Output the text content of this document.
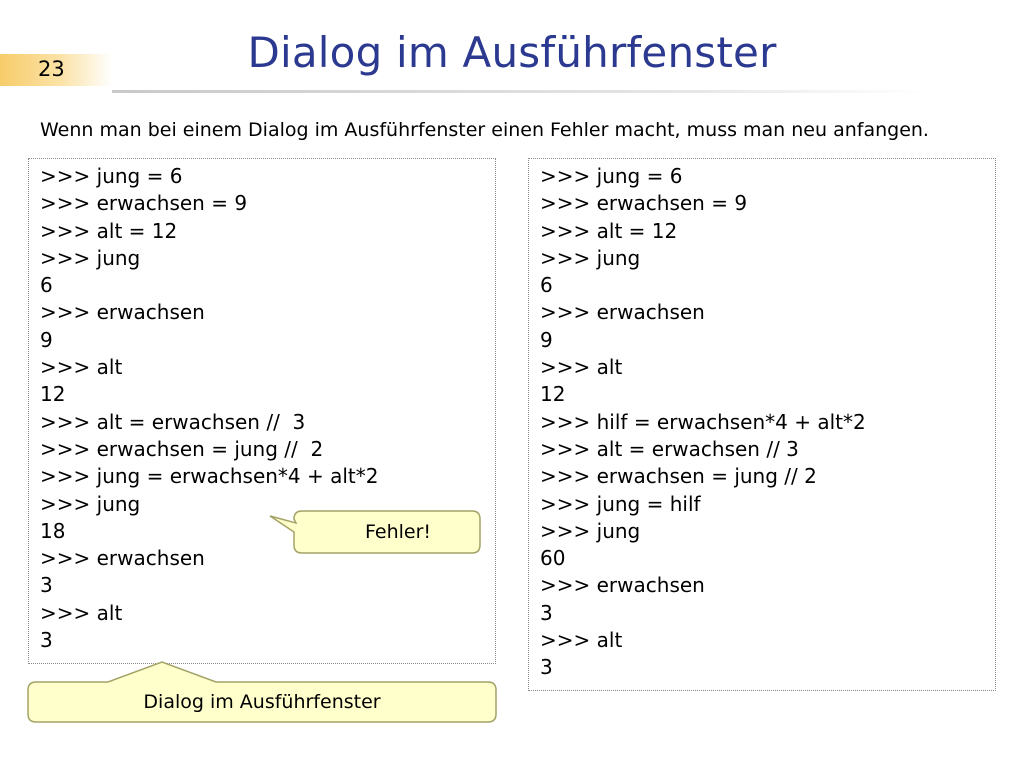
23	Dialog im Ausführfenster
Wenn man bei einem Dialog im Ausführfenster einen Fehler macht, muss man neu anfangen.
>>> jung = 6
>>> erwachsen = 9
>>> alt = 12
>>> jung
6
>>> erwachsen
9
>>> alt
12
>>> alt = erwachsen //  3
>>> erwachsen = jung //  2
>>> jung = erwachsen*4 + alt*2
>>> jung
18
>>> erwachsen
3
>>> alt
3
>>> jung = 6
>>> erwachsen = 9
>>> alt = 12
>>> jung
6
>>> erwachsen
9
>>> alt
12
>>> hilf = erwachsen*4 + alt*2
>>> alt = erwachsen // 3
>>> erwachsen = jung // 2
>>> jung = hilf
>>> jung
60
>>> erwachsen
3
>>> alt
3
Fehler!
Dialog im Ausführfenster
